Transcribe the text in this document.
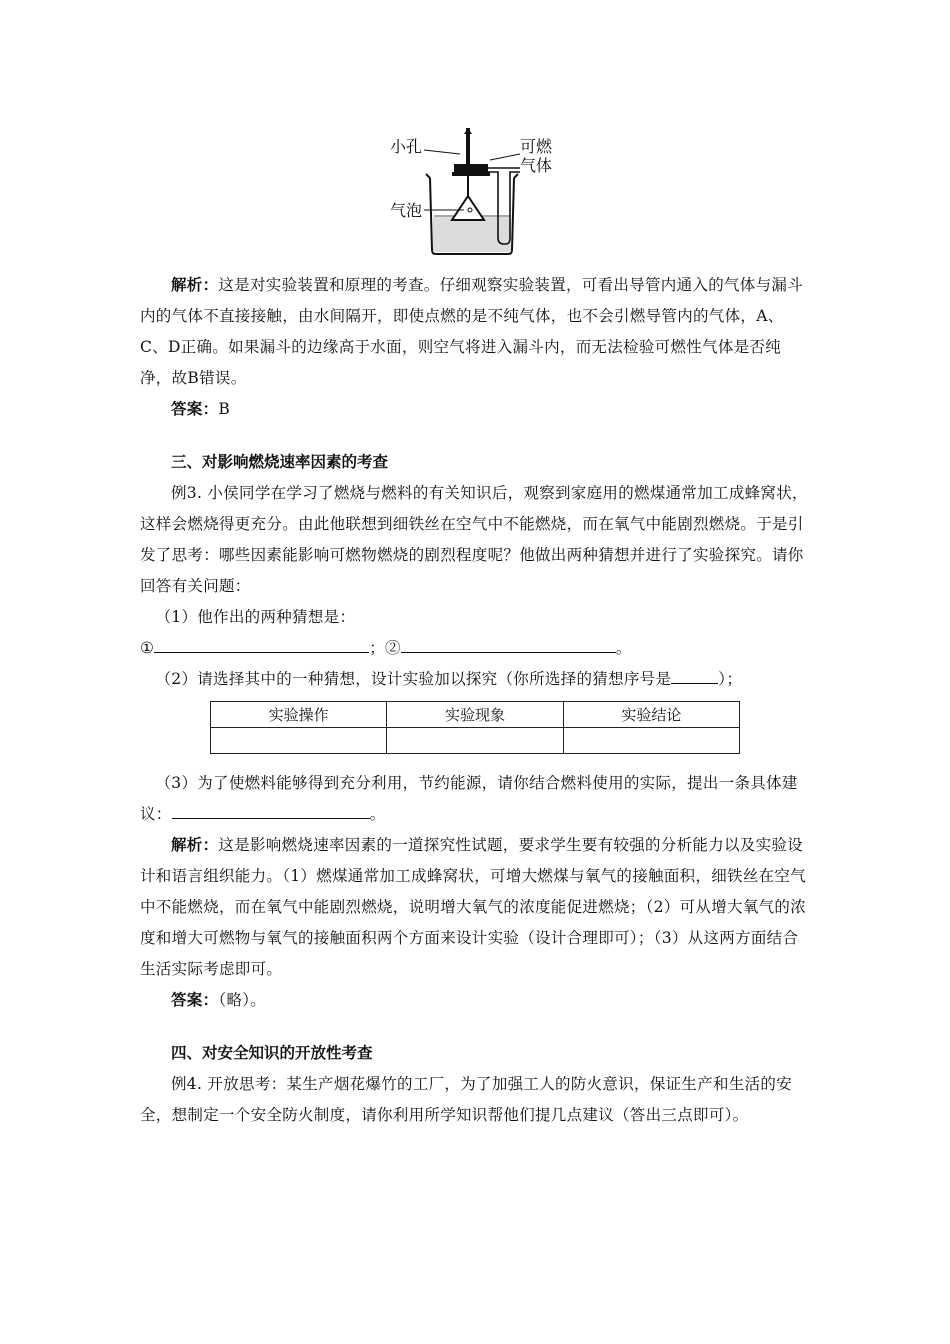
小孔	可燃
气体
气泡

解析：这是对实验装置和原理的考查。仔细观察实验装置，可看出导管内通入的气体与漏斗内的气体不直接接触，由水间隔开，即使点燃的是不纯气体，也不会引燃导管内的气体，A、C、D正确。如果漏斗的边缘高于水面，则空气将进入漏斗内，而无法检验可燃性气体是否纯净，故B错误。

答案：B

三、对影响燃烧速率因素的考查

例3. 小侯同学在学习了燃烧与燃料的有关知识后，观察到家庭用的燃煤通常加工成蜂窝状，这样会燃烧得更充分。由此他联想到细铁丝在空气中不能燃烧，而在氧气中能剧烈燃烧。于是引发了思考：哪些因素能影响可燃物燃烧的剧烈程度呢？他做出两种猜想并进行了实验探究。请你回答有关问题：

（1）他作出的两种猜想是：

①	；②	。

（2）请选择其中的一种猜想，设计实验加以探究（你所选择的猜想序号是	）；

实验操作	实验现象	实验结论

（3）为了使燃料能够得到充分利用，节约能源，请你结合燃料使用的实际，提出一条具体建议：	。

解析：这是影响燃烧速率因素的一道探究性试题，要求学生要有较强的分析能力以及实验设计和语言组织能力。（1）燃煤通常加工成蜂窝状，可增大燃煤与氧气的接触面积，细铁丝在空气中不能燃烧，而在氧气中能剧烈燃烧，说明增大氧气的浓度能促进燃烧；（2）可从增大氧气的浓度和增大可燃物与氧气的接触面积两个方面来设计实验（设计合理即可）；（3）从这两方面结合生活实际考虑即可。

答案：（略）。

四、对安全知识的开放性考查

例4. 开放思考：某生产烟花爆竹的工厂，为了加强工人的防火意识，保证生产和生活的安全，想制定一个安全防火制度，请你利用所学知识帮他们提几点建议（答出三点即可）。
